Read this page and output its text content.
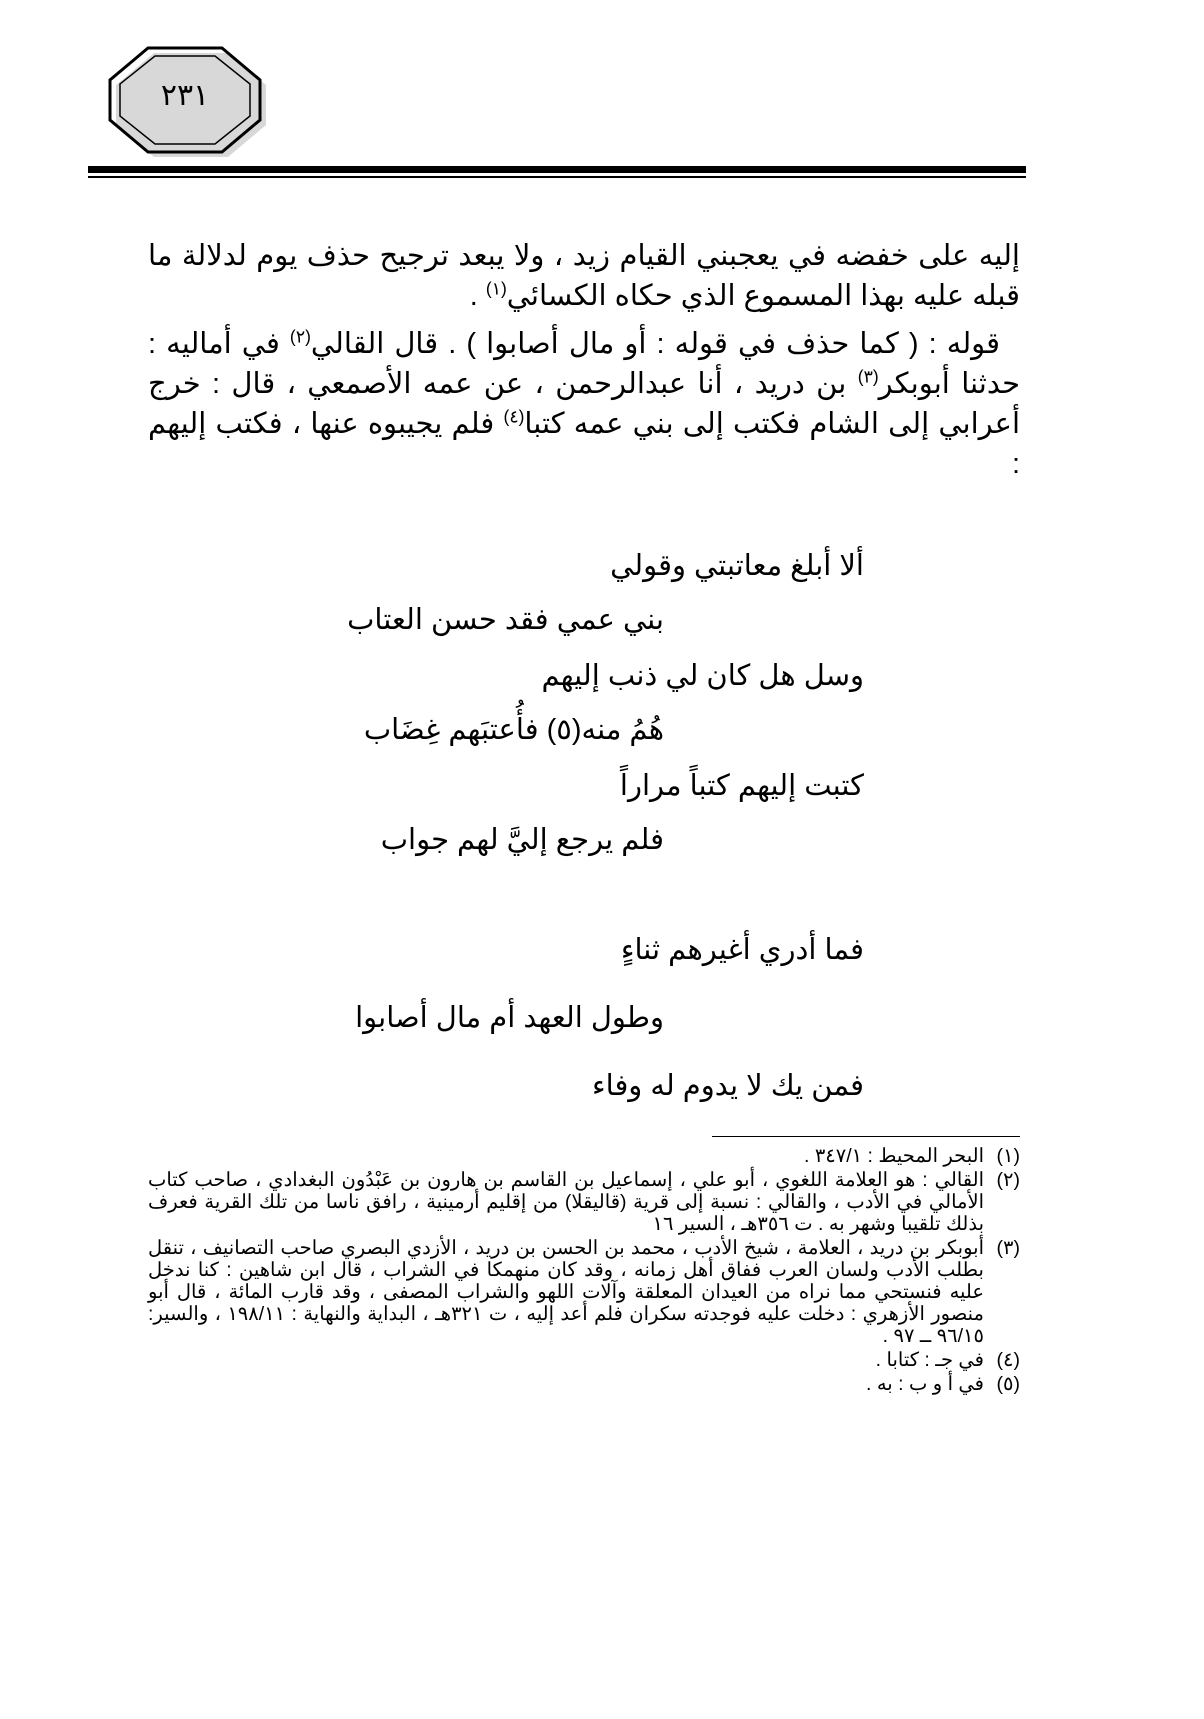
٢٣١

إليه على خفضه في يعجبني القيام زيد ، ولا يبعد ترجيح حذف يوم لدلالة ما قبله عليه بهذا المسموع الذي حكاه الكسائي$^{(١)}$ .

قوله : ( كما حذف في قوله : أو مال أصابوا ) . قال القالي$^{(٢)}$ في أماليه : حدثنا أبوبكر$^{(٣)}$ بن دريد ، أنا عبدالرحمن ، عن عمه الأصمعي ، قال : خرج أعرابي إلى الشام فكتب إلى بني عمه كتبا$^{(٤)}$ فلم يجيبوه عنها ، فكتب إليهم :

ألا أبلغ معاتبتي وقولي
بني عمي فقد حسن العتاب
وسل هل كان لي ذنب إليهم
هُمُ منه(٥) فأُعتبَهم غِضَاب
كتبت إليهم كتباً مراراً
فلم يرجع إليَّ لهم جواب
فما أدري أغيرهم ثناءٍ
وطول العهد أم مال أصابوا
فمن يك لا يدوم له وفاء
(١)
البحر المحيط : ٣٤٧/١ .
(٢)
القالي : هو العلامة اللغوي ، أبو علي ، إسماعيل بن القاسم بن هارون بن عَبْدُون البغدادي ، صاحب كتاب الأمالي في الأدب ، والقالي : نسبة إلى قرية (قاليقلا) من إقليم أرمينية ، رافق ناسا من تلك القرية فعرف بذلك تلقيبا وشهر به . ت ٣٥٦هـ ، السير ١٦
(٣)
أبوبكر بن دريد ، العلامة ، شيخ الأدب ، محمد بن الحسن بن دريد ، الأزدي البصري صاحب التصانيف ، تنقل بطلب الأدب ولسان العرب ففاق أهل زمانه ، وقد كان منهمكا في الشراب ، قال ابن شاهين : كنا ندخل عليه فنستحي مما نراه من العيدان المعلقة وآلات اللهو والشراب المصفى ، وقد قارب المائة ، قال أبو منصور الأزهري : دخلت عليه فوجدته سكران فلم أعد إليه ، ت ٣٢١هـ ، البداية والنهاية : ١٩٨/١١ ، والسير: ٩٦/١٥ ــ ٩٧ .
(٤)
في جـ : كتابا .
(٥)
في أ و ب : به .
